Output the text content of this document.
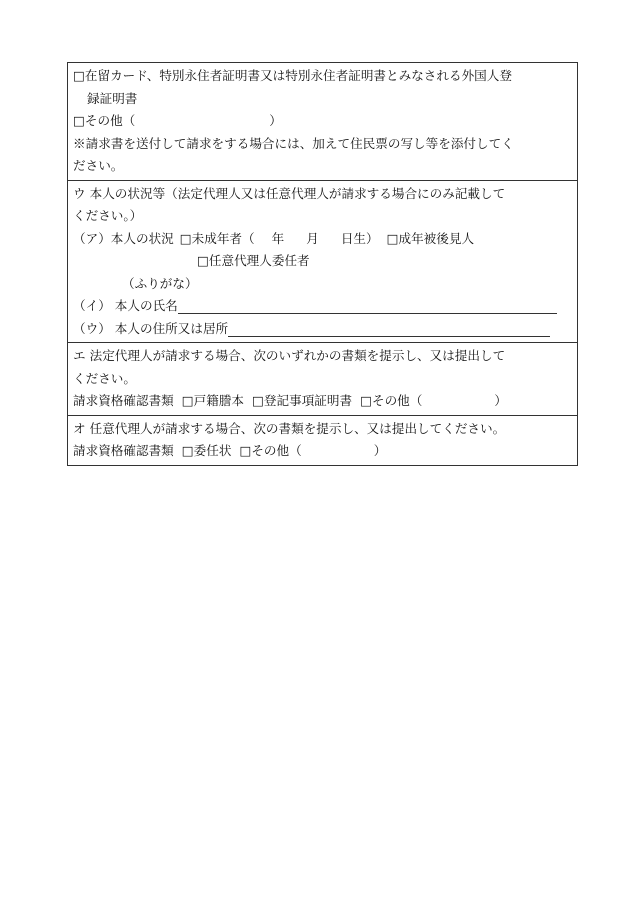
□在留カード、特別永住者証明書又は特別永住者証明書とみなされる外国人登
録証明書
□その他（	）
※請求書を送付して請求をする場合には、加えて住民票の写し等を添付してく
ださい。
ウ 本人の状況等（法定代理人又は任意代理人が請求する場合にのみ記載して
ください。）
（ア）本人の状況 □未成年者（ 年 月 日生） □成年被後見人
□任意代理人委任者
（ふりがな）
（イ） 本人の氏名
（ウ） 本人の住所又は居所
エ 法定代理人が請求する場合、次のいずれかの書類を提示し、又は提出して
ください。
請求資格確認書類 □戸籍謄本 □登記事項証明書 □その他（	）
オ 任意代理人が請求する場合、次の書類を提示し、又は提出してください。
請求資格確認書類 □委任状 □その他（	）
